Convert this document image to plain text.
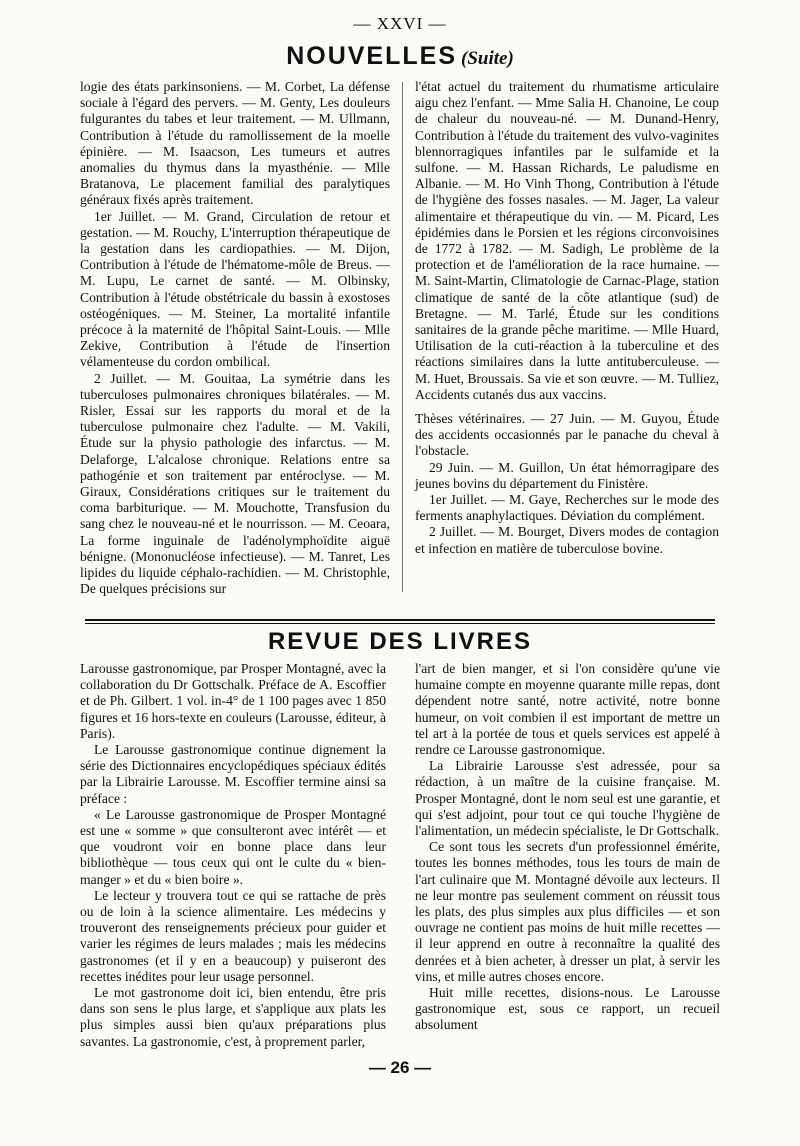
— XXVI —
NOUVELLES (Suite)

logie des états parkinsoniens. — M. Corbet, La défense sociale à l'égard des pervers. — M. Genty, Les douleurs fulgurantes du tabes et leur traitement. — M. Ullmann, Contribution à l'étude du ramollissement de la moelle épinière. — M. Isaacson, Les tumeurs et autres anomalies du thymus dans la myasthénie. — Mlle Bratanova, Le placement familial des paralytiques généraux fixés après traitement.

1er Juillet. — M. Grand, Circulation de retour et gestation. — M. Rouchy, L'interruption thérapeutique de la gestation dans les cardiopathies. — M. Dijon, Contribution à l'étude de l'hématome-môle de Breus. — M. Lupu, Le carnet de santé. — M. Olbinsky, Contribution à l'étude obstétricale du bassin à exostoses ostéogéniques. — M. Steiner, La mortalité infantile précoce à la maternité de l'hôpital Saint-Louis. — Mlle Zekive, Contribution à l'étude de l'insertion vélamenteuse du cordon ombilical.

2 Juillet. — M. Gouitaa, La symétrie dans les tuberculoses pulmonaires chroniques bilatérales. — M. Risler, Essai sur les rapports du moral et de la tuberculose pulmonaire chez l'adulte. — M. Vakili, Étude sur la physio pathologie des infarctus. — M. Delaforge, L'alcalose chronique. Relations entre sa pathogénie et son traitement par entéroclyse. — M. Giraux, Considérations critiques sur le traitement du coma barbiturique. — M. Mouchotte, Transfusion du sang chez le nouveau-né et le nourrisson. — M. Ceoara, La forme inguinale de l'adénolymphoïdite aiguë bénigne. (Mononucléose infectieuse). — M. Tanret, Les lipides du liquide céphalo-rachidien. — M. Christophle, De quelques précisions sur

l'état actuel du traitement du rhumatisme articulaire aigu chez l'enfant. — Mme Salia H. Chanoine, Le coup de chaleur du nouveau-né. — M. Dunand-Henry, Contribution à l'étude du traitement des vulvo-vaginites blennorragiques infantiles par le sulfamide et la sulfone. — M. Hassan Richards, Le paludisme en Albanie. — M. Ho Vinh Thong, Contribution à l'étude de l'hygiène des fosses nasales. — M. Jager, La valeur alimentaire et thérapeutique du vin. — M. Picard, Les épidémies dans le Porsien et les régions circonvoisines de 1772 à 1782. — M. Sadigh, Le problème de la protection et de l'amélioration de la race humaine. — M. Saint-Martin, Climatologie de Carnac-Plage, station climatique de santé de la côte atlantique (sud) de Bretagne. — M. Tarlé, Étude sur les conditions sanitaires de la grande pêche maritime. — Mlle Huard, Utilisation de la cuti-réaction à la tuberculine et des réactions similaires dans la lutte antituberculeuse. — M. Huet, Broussais. Sa vie et son œuvre. — M. Tulliez, Accidents cutanés dus aux vaccins.

Thèses vétérinaires. — 27 Juin. — M. Guyou, Étude des accidents occasionnés par le panache du cheval à l'obstacle.

29 Juin. — M. Guillon, Un état hémorragipare des jeunes bovins du département du Finistère.

1er Juillet. — M. Gaye, Recherches sur le mode des ferments anaphylactiques. Déviation du complément.

2 Juillet. — M. Bourget, Divers modes de contagion et infection en matière de tuberculose bovine.

REVUE DES LIVRES

Larousse gastronomique, par Prosper Montagné, avec la collaboration du Dr Gottschalk. Préface de A. Escoffier et de Ph. Gilbert. 1 vol. in-4° de 1 100 pages avec 1 850 figures et 16 hors-texte en couleurs (Larousse, éditeur, à Paris).

Le Larousse gastronomique continue dignement la série des Dictionnaires encyclopédiques spéciaux édités par la Librairie Larousse. M. Escoffier termine ainsi sa préface :

« Le Larousse gastronomique de Prosper Montagné est une « somme » que consulteront avec intérêt — et que voudront voir en bonne place dans leur bibliothèque — tous ceux qui ont le culte du « bien-manger » et du « bien boire ».

Le lecteur y trouvera tout ce qui se rattache de près ou de loin à la science alimentaire. Les médecins y trouveront des renseignements précieux pour guider et varier les régimes de leurs malades ; mais les médecins gastronomes (et il y en a beaucoup) y puiseront des recettes inédites pour leur usage personnel.

Le mot gastronome doit ici, bien entendu, être pris dans son sens le plus large, et s'applique aux plats les plus simples aussi bien qu'aux préparations plus savantes. La gastronomie, c'est, à proprement parler,

l'art de bien manger, et si l'on considère qu'une vie humaine compte en moyenne quarante mille repas, dont dépendent notre santé, notre activité, notre bonne humeur, on voit combien il est important de mettre un tel art à la portée de tous et quels services est appelé à rendre ce Larousse gastronomique.

La Librairie Larousse s'est adressée, pour sa rédaction, à un maître de la cuisine française. M. Prosper Montagné, dont le nom seul est une garantie, et qui s'est adjoint, pour tout ce qui touche l'hygiène de l'alimentation, un médecin spécialiste, le Dr Gottschalk.

Ce sont tous les secrets d'un professionnel émérite, toutes les bonnes méthodes, tous les tours de main de l'art culinaire que M. Montagné dévoile aux lecteurs. Il ne leur montre pas seulement comment on réussit tous les plats, des plus simples aux plus difficiles — et son ouvrage ne contient pas moins de huit mille recettes — il leur apprend en outre à reconnaître la qualité des denrées et à bien acheter, à dresser un plat, à servir les vins, et mille autres choses encore.

Huit mille recettes, disions-nous. Le Larousse gastronomique est, sous ce rapport, un recueil absolument

— 26 —
